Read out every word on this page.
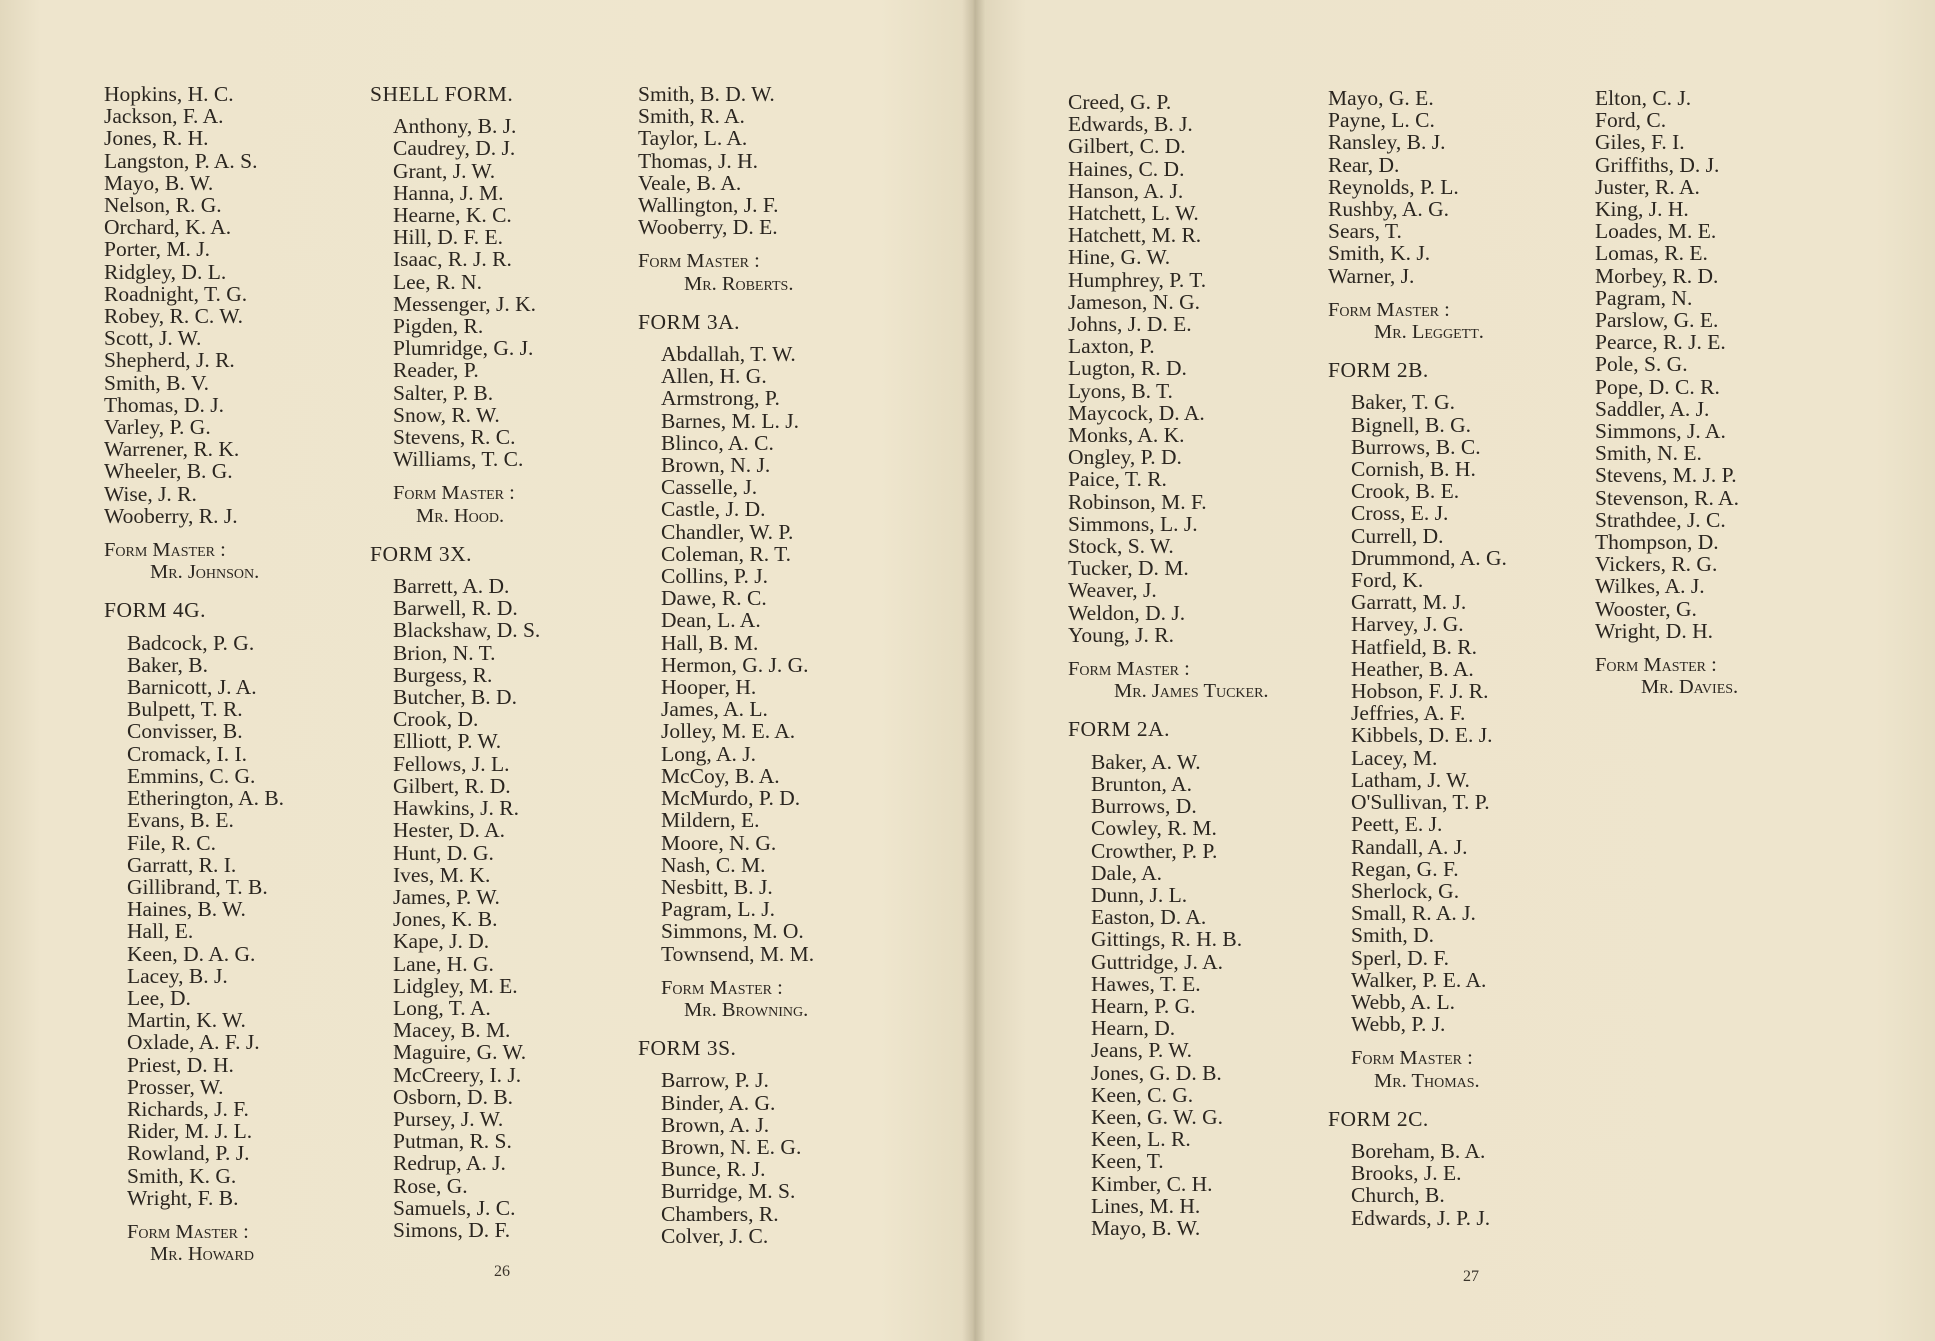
Hopkins, H. C.
Jackson, F. A.
Jones, R. H.
Langston, P. A. S.
Mayo, B. W.
Nelson, R. G.
Orchard, K. A.
Porter, M. J.
Ridgley, D. L.
Roadnight, T. G.
Robey, R. C. W.
Scott, J. W.
Shepherd, J. R.
Smith, B. V.
Thomas, D. J.
Varley, P. G.
Warrener, R. K.
Wheeler, B. G.
Wise, J. R.
Wooberry, R. J.
Form Master :
Mr. Johnson.
FORM 4G.
Badcock, P. G.
Baker, B.
Barnicott, J. A.
Bulpett, T. R.
Convisser, B.
Cromack, I. I.
Emmins, C. G.
Etherington, A. B.
Evans, B. E.
File, R. C.
Garratt, R. I.
Gillibrand, T. B.
Haines, B. W.
Hall, E.
Keen, D. A. G.
Lacey, B. J.
Lee, D.
Martin, K. W.
Oxlade, A. F. J.
Priest, D. H.
Prosser, W.
Richards, J. F.
Rider, M. J. L.
Rowland, P. J.
Smith, K. G.
Wright, F. B.
Form Master :
Mr. Howard
SHELL FORM.
Anthony, B. J.
Caudrey, D. J.
Grant, J. W.
Hanna, J. M.
Hearne, K. C.
Hill, D. F. E.
Isaac, R. J. R.
Lee, R. N.
Messenger, J. K.
Pigden, R.
Plumridge, G. J.
Reader, P.
Salter, P. B.
Snow, R. W.
Stevens, R. C.
Williams, T. C.
Form Master :
Mr. Hood.
FORM 3X.
Barrett, A. D.
Barwell, R. D.
Blackshaw, D. S.
Brion, N. T.
Burgess, R.
Butcher, B. D.
Crook, D.
Elliott, P. W.
Fellows, J. L.
Gilbert, R. D.
Hawkins, J. R.
Hester, D. A.
Hunt, D. G.
Ives, M. K.
James, P. W.
Jones, K. B.
Kape, J. D.
Lane, H. G.
Lidgley, M. E.
Long, T. A.
Macey, B. M.
Maguire, G. W.
McCreery, I. J.
Osborn, D. B.
Pursey, J. W.
Putman, R. S.
Redrup, A. J.
Rose, G.
Samuels, J. C.
Simons, D. F.
Smith, B. D. W.
Smith, R. A.
Taylor, L. A.
Thomas, J. H.
Veale, B. A.
Wallington, J. F.
Wooberry, D. E.
Form Master :
Mr. Roberts.
FORM 3A.
Abdallah, T. W.
Allen, H. G.
Armstrong, P.
Barnes, M. L. J.
Blinco, A. C.
Brown, N. J.
Casselle, J.
Castle, J. D.
Chandler, W. P.
Coleman, R. T.
Collins, P. J.
Dawe, R. C.
Dean, L. A.
Hall, B. M.
Hermon, G. J. G.
Hooper, H.
James, A. L.
Jolley, M. E. A.
Long, A. J.
McCoy, B. A.
McMurdo, P. D.
Mildern, E.
Moore, N. G.
Nash, C. M.
Nesbitt, B. J.
Pagram, L. J.
Simmons, M. O.
Townsend, M. M.
Form Master :
Mr. Browning.
FORM 3S.
Barrow, P. J.
Binder, A. G.
Brown, A. J.
Brown, N. E. G.
Bunce, R. J.
Burridge, M. S.
Chambers, R.
Colver, J. C.
Creed, G. P.
Edwards, B. J.
Gilbert, C. D.
Haines, C. D.
Hanson, A. J.
Hatchett, L. W.
Hatchett, M. R.
Hine, G. W.
Humphrey, P. T.
Jameson, N. G.
Johns, J. D. E.
Laxton, P.
Lugton, R. D.
Lyons, B. T.
Maycock, D. A.
Monks, A. K.
Ongley, P. D.
Paice, T. R.
Robinson, M. F.
Simmons, L. J.
Stock, S. W.
Tucker, D. M.
Weaver, J.
Weldon, D. J.
Young, J. R.
Form Master :
Mr. James Tucker.
FORM 2A.
Baker, A. W.
Brunton, A.
Burrows, D.
Cowley, R. M.
Crowther, P. P.
Dale, A.
Dunn, J. L.
Easton, D. A.
Gittings, R. H. B.
Guttridge, J. A.
Hawes, T. E.
Hearn, P. G.
Hearn, D.
Jeans, P. W.
Jones, G. D. B.
Keen, C. G.
Keen, G. W. G.
Keen, L. R.
Keen, T.
Kimber, C. H.
Lines, M. H.
Mayo, B. W.
Mayo, G. E.
Payne, L. C.
Ransley, B. J.
Rear, D.
Reynolds, P. L.
Rushby, A. G.
Sears, T.
Smith, K. J.
Warner, J.
Form Master :
Mr. Leggett.
FORM 2B.
Baker, T. G.
Bignell, B. G.
Burrows, B. C.
Cornish, B. H.
Crook, B. E.
Cross, E. J.
Currell, D.
Drummond, A. G.
Ford, K.
Garratt, M. J.
Harvey, J. G.
Hatfield, B. R.
Heather, B. A.
Hobson, F. J. R.
Jeffries, A. F.
Kibbels, D. E. J.
Lacey, M.
Latham, J. W.
O'Sullivan, T. P.
Peett, E. J.
Randall, A. J.
Regan, G. F.
Sherlock, G.
Small, R. A. J.
Smith, D.
Sperl, D. F.
Walker, P. E. A.
Webb, A. L.
Webb, P. J.
Form Master :
Mr. Thomas.
FORM 2C.
Boreham, B. A.
Brooks, J. E.
Church, B.
Edwards, J. P. J.
Elton, C. J.
Ford, C.
Giles, F. I.
Griffiths, D. J.
Juster, R. A.
King, J. H.
Loades, M. E.
Lomas, R. E.
Morbey, R. D.
Pagram, N.
Parslow, G. E.
Pearce, R. J. E.
Pole, S. G.
Pope, D. C. R.
Saddler, A. J.
Simmons, J. A.
Smith, N. E.
Stevens, M. J. P.
Stevenson, R. A.
Strathdee, J. C.
Thompson, D.
Vickers, R. G.
Wilkes, A. J.
Wooster, G.
Wright, D. H.
Form Master :
Mr. Davies.
26	27
